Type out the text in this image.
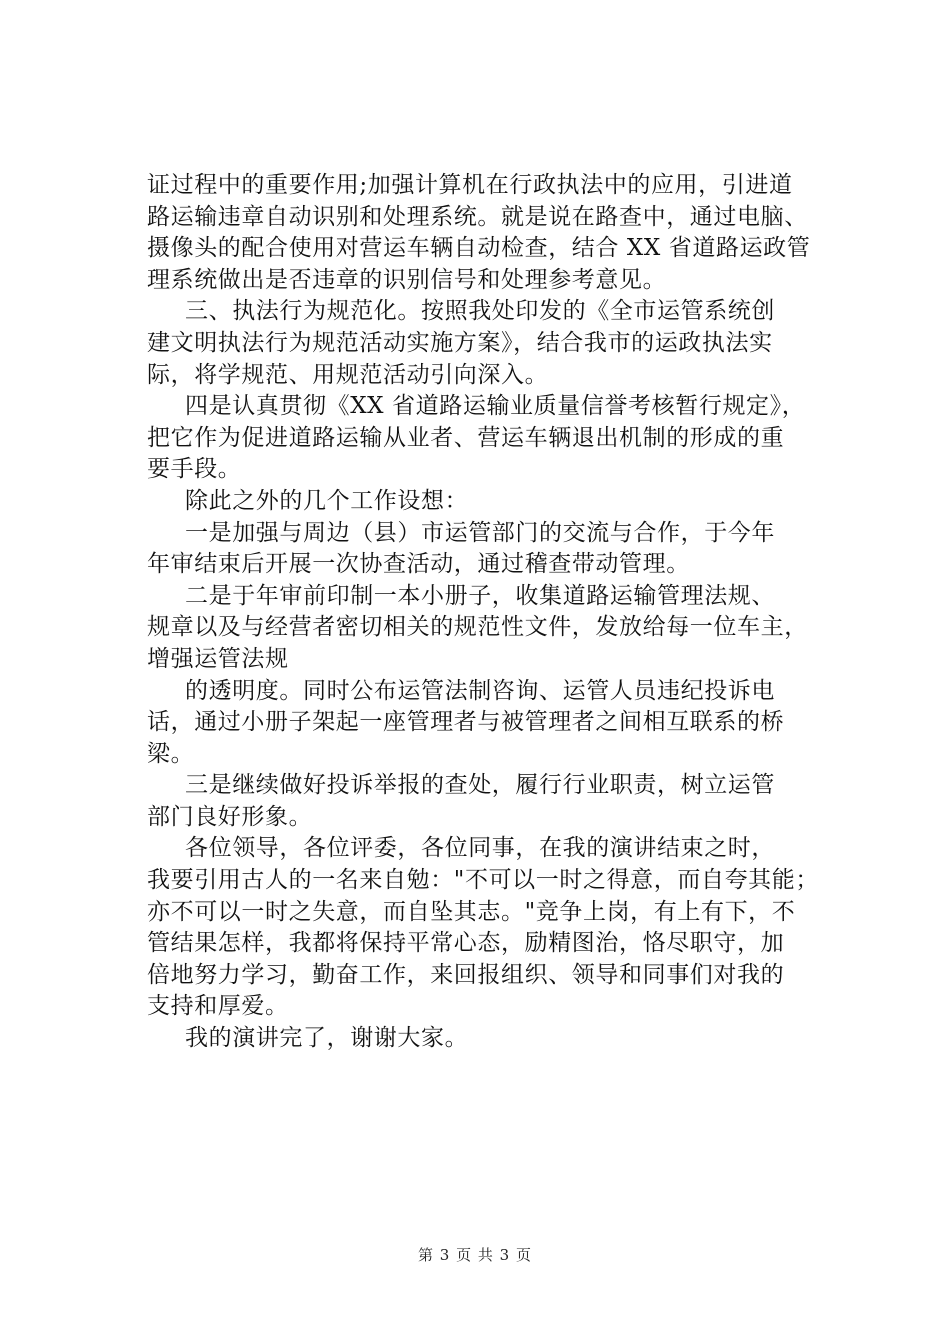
证过程中的重要作用;加强计算机在行政执法中的应用，引进道
路运输违章自动识别和处理系统。就是说在路查中，通过电脑、
摄像头的配合使用对营运车辆自动检查，结合 XX 省道路运政管
理系统做出是否违章的识别信号和处理参考意见。
三、执法行为规范化。按照我处印发的《全市运管系统创
建文明执法行为规范活动实施方案》，结合我市的运政执法实
际，将学规范、用规范活动引向深入。
四是认真贯彻《XX 省道路运输业质量信誉考核暂行规定》，
把它作为促进道路运输从业者、营运车辆退出机制的形成的重
要手段。
除此之外的几个工作设想：
一是加强与周边（县）市运管部门的交流与合作，于今年
年审结束后开展一次协查活动，通过稽查带动管理。
二是于年审前印制一本小册子，收集道路运输管理法规、
规章以及与经营者密切相关的规范性文件，发放给每一位车主，
增强运管法规
的透明度。同时公布运管法制咨询、运管人员违纪投诉电
话，通过小册子架起一座管理者与被管理者之间相互联系的桥
梁。
三是继续做好投诉举报的查处，履行行业职责，树立运管
部门良好形象。
各位领导，各位评委，各位同事，在我的演讲结束之时，
我要引用古人的一名来自勉："不可以一时之得意，而自夸其能；
亦不可以一时之失意，而自坠其志。"竞争上岗，有上有下，不
管结果怎样，我都将保持平常心态，励精图治，恪尽职守，加
倍地努力学习，勤奋工作，来回报组织、领导和同事们对我的
支持和厚爱。
我的演讲完了，谢谢大家。
第 3 页 共 3 页
